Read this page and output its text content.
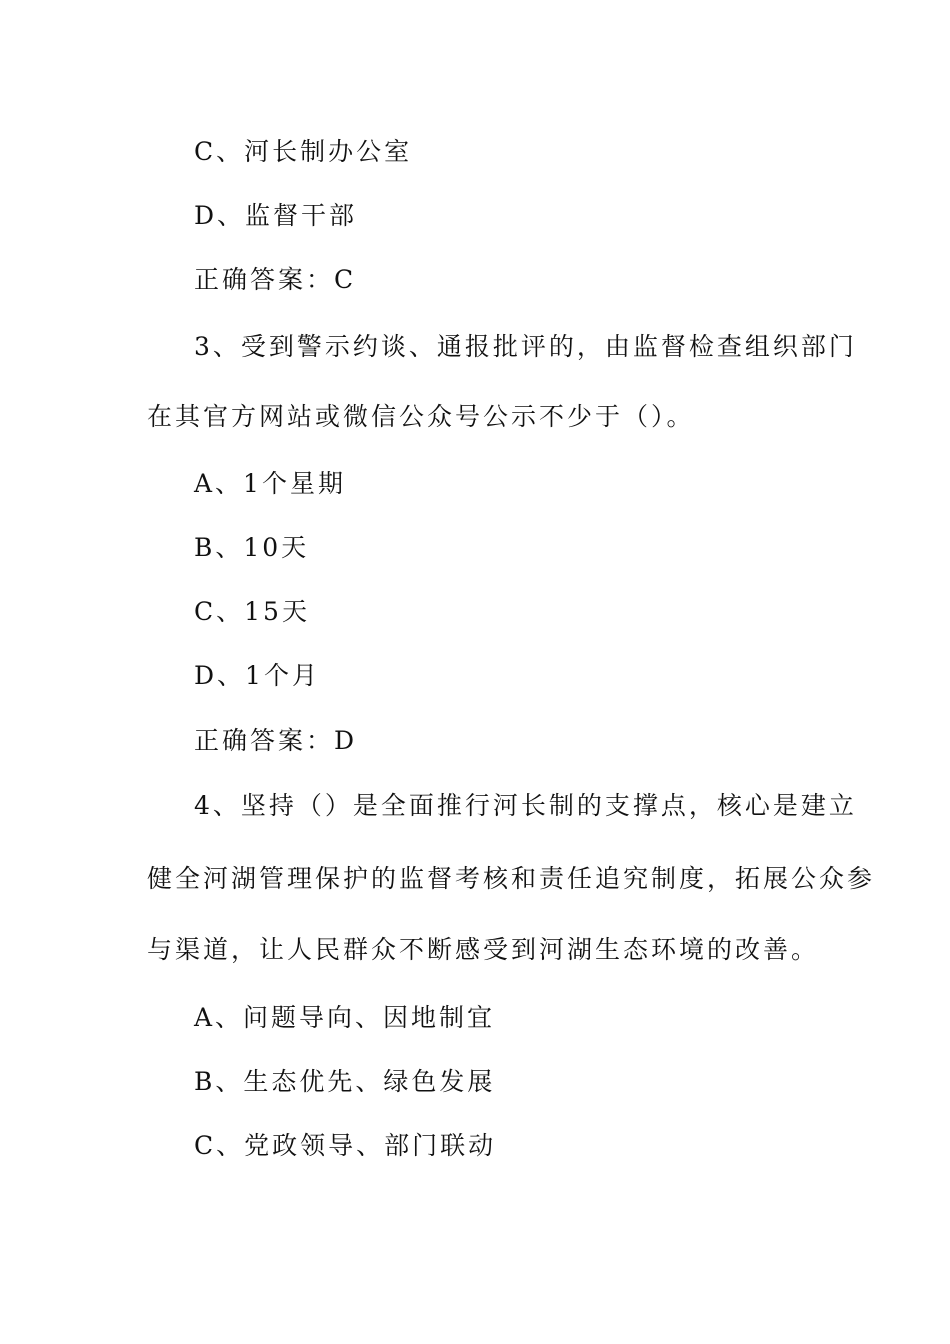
C、河长制办公室
D、监督干部
正确答案：C
3、受到警示约谈、通报批评的，由监督检查组织部门
在其官方网站或微信公众号公示不少于（）。
A、1个星期
B、10天
C、15天
D、1个月
正确答案：D
4、坚持（）是全面推行河长制的支撑点，核心是建立
健全河湖管理保护的监督考核和责任追究制度，拓展公众参
与渠道，让人民群众不断感受到河湖生态环境的改善。
A、问题导向、因地制宜
B、生态优先、绿色发展
C、党政领导、部门联动
